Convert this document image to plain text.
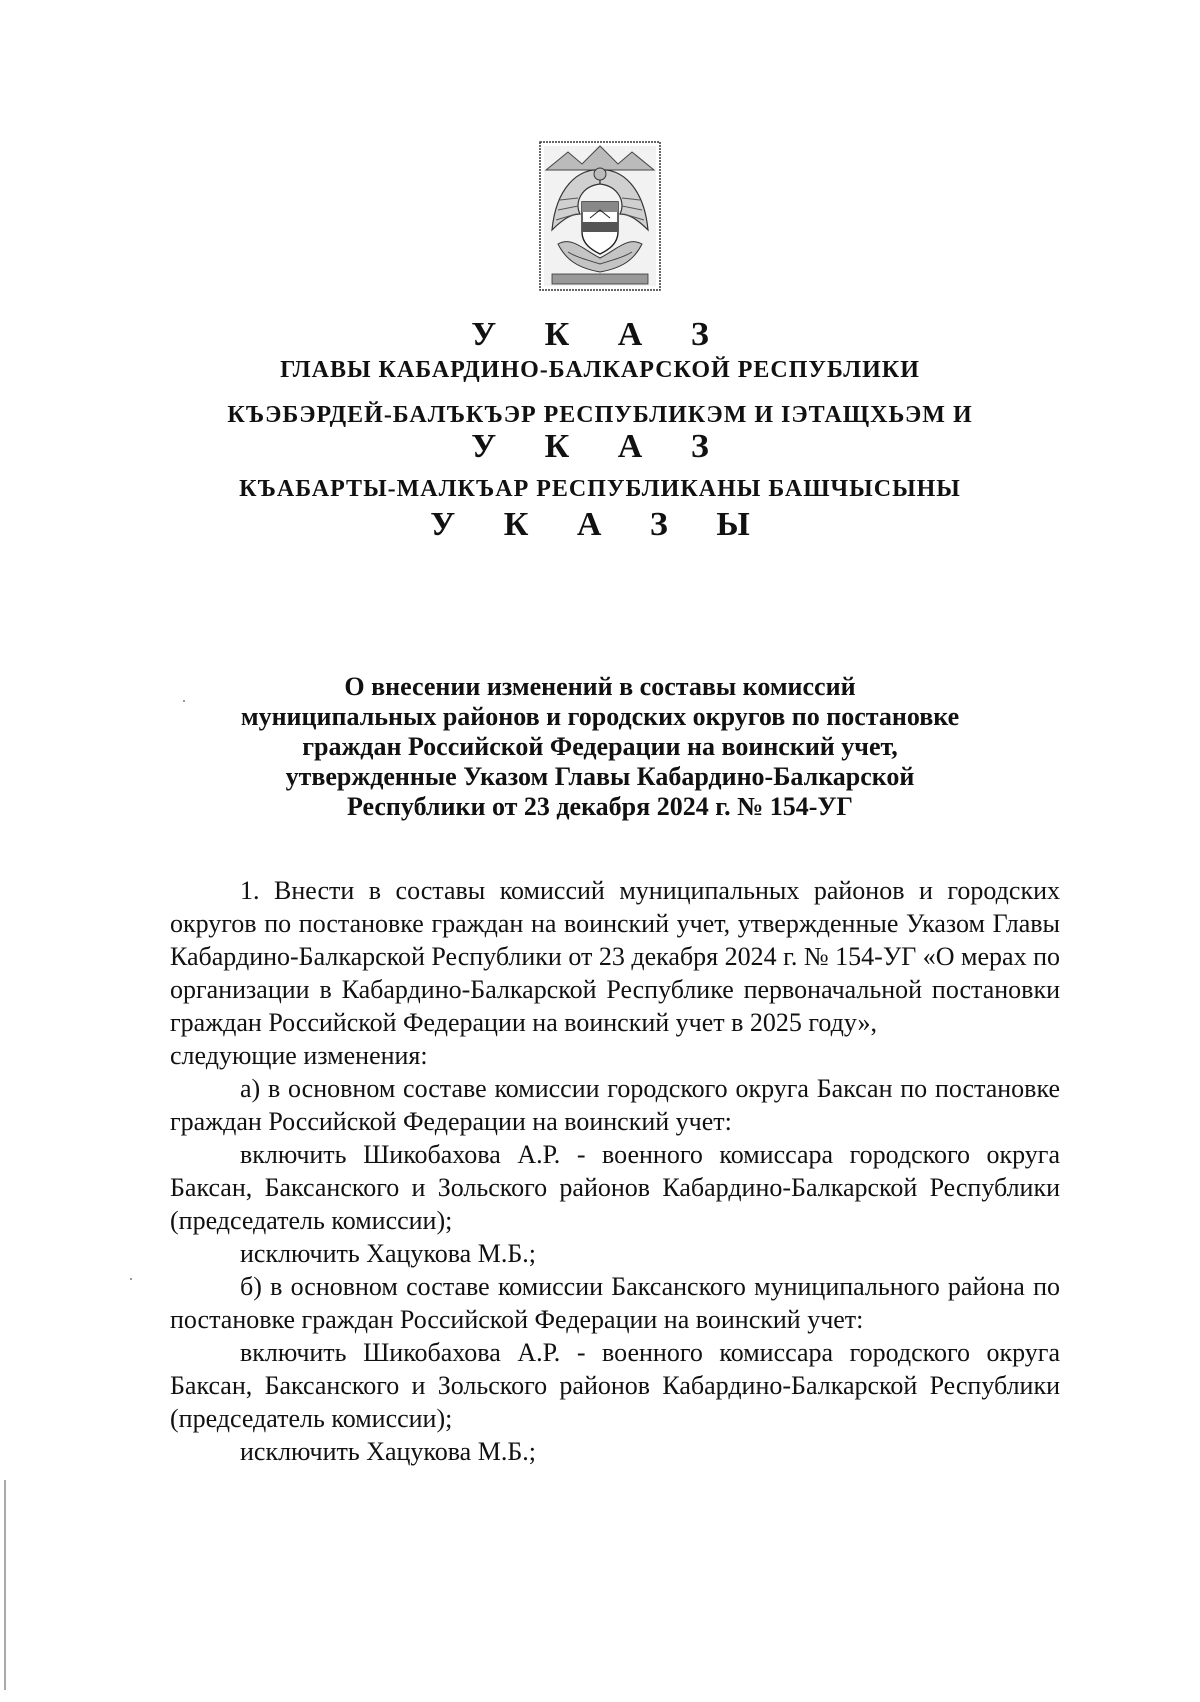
У К А З
ГЛАВЫ КАБАРДИНО-БАЛКАРСКОЙ РЕСПУБЛИКИ
КЪЭБЭРДЕЙ-БАЛЪКЪЭР РЕСПУБЛИКЭМ И ІЭТАЩХЬЭМ И
У К А З
КЪАБАРТЫ-МАЛКЪАР РЕСПУБЛИКАНЫ БАШЧЫСЫНЫ
У К А З Ы
О внесении изменений в составы комиссий
муниципальных районов и городских округов по постановке
граждан Российской Федерации на воинский учет,
утвержденные Указом Главы Кабардино-Балкарской
Республики от 23 декабря 2024 г. № 154-УГ

1. Внести в составы комиссий муниципальных районов и городских округов по постановке граждан на воинский учет, утвержденные Указом Главы Кабардино-Балкарской Республики от 23 декабря 2024 г. № 154-УГ «О мерах по организации в Кабардино-Балкарской Республике первоначальной постановки граждан Российской Федерации на воинский учет в 2025 году»,

следующие изменения:

а) в основном составе комиссии городского округа Баксан по постановке граждан Российской Федерации на воинский учет:

включить Шикобахова А.Р. - военного комиссара городского округа Баксан, Баксанского и Зольского районов Кабардино-Балкарской Республики (председатель комиссии);

исключить Хацукова М.Б.;

б) в основном составе комиссии Баксанского муниципального района по постановке граждан Российской Федерации на воинский учет:

включить Шикобахова А.Р. - военного комиссара городского округа Баксан, Баксанского и Зольского районов Кабардино-Балкарской Республики (председатель комиссии);

исключить Хацукова М.Б.;
